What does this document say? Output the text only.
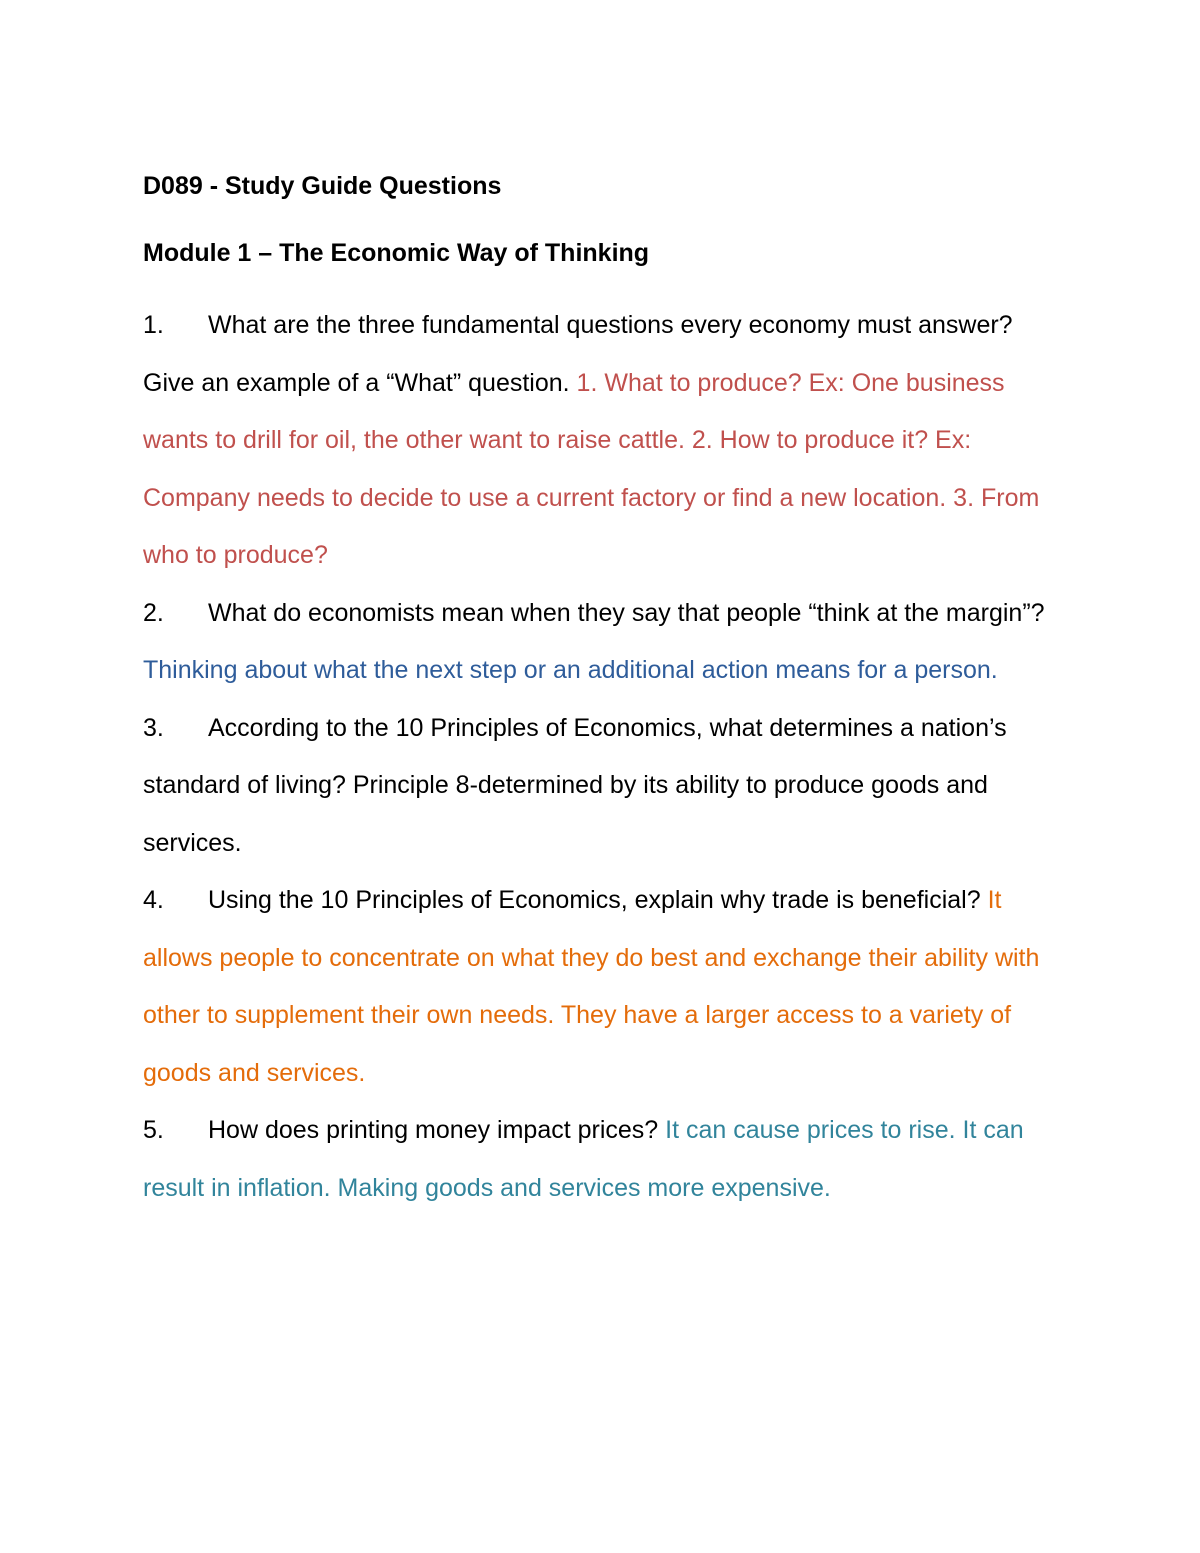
D089 - Study Guide Questions

Module 1 – The Economic Way of Thinking

1. What are the three fundamental questions every economy must answer? Give an example of a “What” question. 1. What to produce? Ex: One business wants to drill for oil, the other want to raise cattle. 2. How to produce it? Ex: Company needs to decide to use a current factory or find a new location. 3. From who to produce?

2. What do economists mean when they say that people “think at the margin”? Thinking about what the next step or an additional action means for a person.

3. According to the 10 Principles of Economics, what determines a nation’s standard of living? Principle 8-determined by its ability to produce goods and services.

4. Using the 10 Principles of Economics, explain why trade is beneficial? It allows people to concentrate on what they do best and exchange their ability with other to supplement their own needs. They have a larger access to a variety of goods and services.

5. How does printing money impact prices? It can cause prices to rise. It can result in inflation. Making goods and services more expensive.
